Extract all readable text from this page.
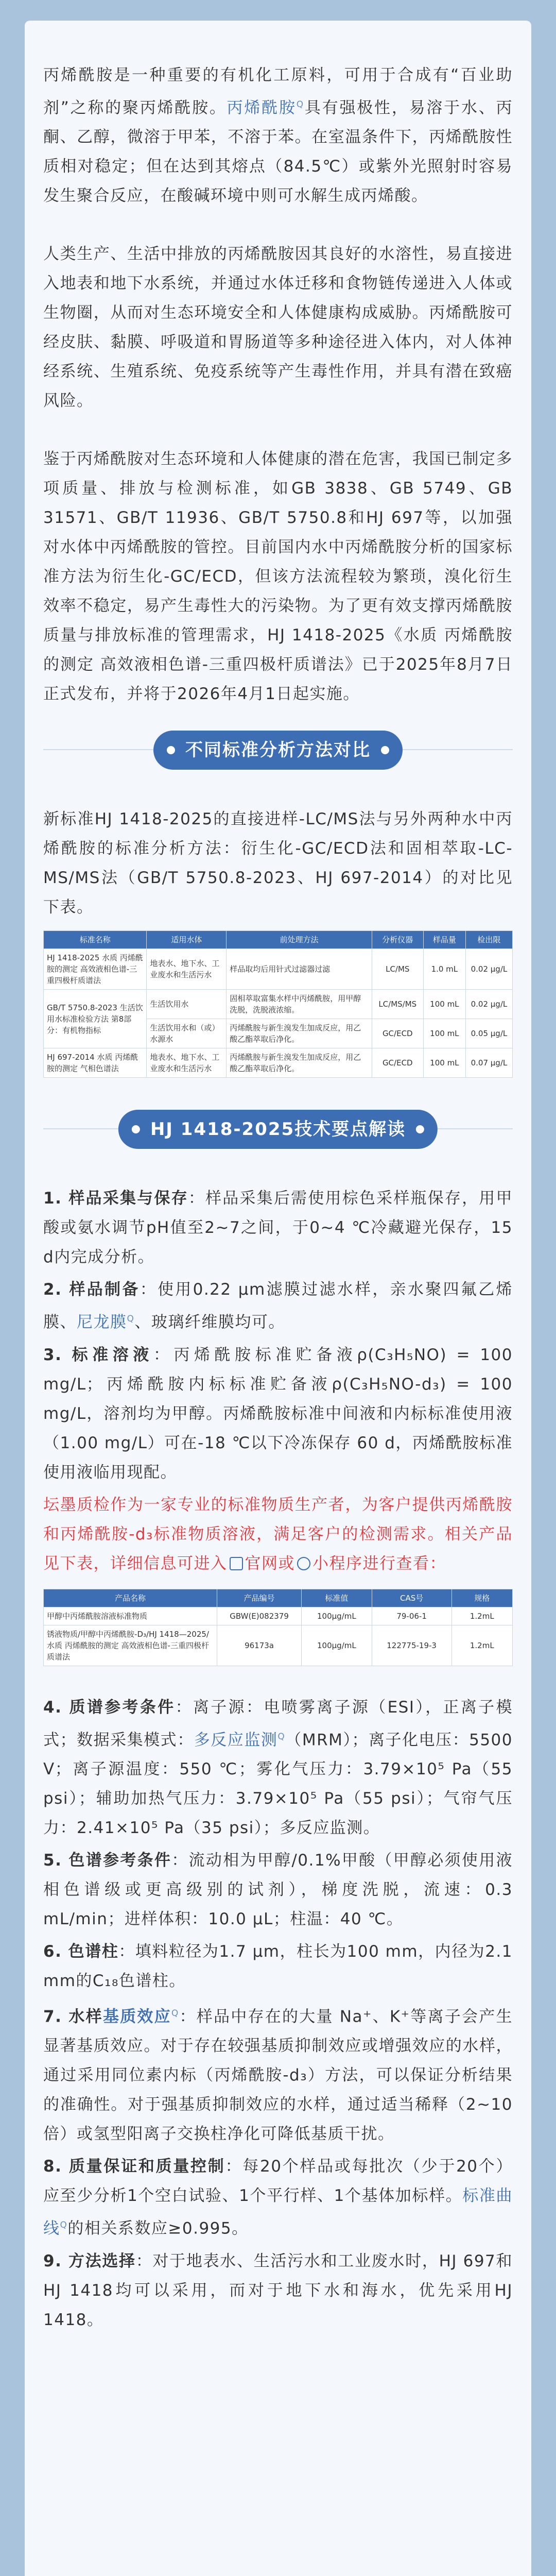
丙烯酰胺是一种重要的有机化工原料，可用于合成有“百业助剂”之称的聚丙烯酰胺。丙烯酰胺$^Q$具有强极性，易溶于水、丙酮、乙醇，微溶于甲苯，不溶于苯。在室温条件下，丙烯酰胺性质相对稳定；但在达到其熔点（84.5℃）或紫外光照射时容易发生聚合反应，在酸碱环境中则可水解生成丙烯酸。

人类生产、生活中排放的丙烯酰胺因其良好的水溶性，易直接进入地表和地下水系统，并通过水体迁移和食物链传递进入人体或生物圈，从而对生态环境安全和人体健康构成威胁。丙烯酰胺可经皮肤、黏膜、呼吸道和胃肠道等多种途径进入体内，对人体神经系统、生殖系统、免疫系统等产生毒性作用，并具有潜在致癌风险。

鉴于丙烯酰胺对生态环境和人体健康的潜在危害，我国已制定多项质量、排放与检测标准，如GB 3838、GB 5749、GB 31571、GB/T 11936、GB/T 5750.8和HJ 697等，以加强对水体中丙烯酰胺的管控。目前国内水中丙烯酰胺分析的国家标准方法为衍生化-GC/ECD，但该方法流程较为繁琐，溴化衍生效率不稳定，易产生毒性大的污染物。为了更有效支撑丙烯酰胺质量与排放标准的管理需求，HJ 1418-2025《水质 丙烯酰胺的测定 高效液相色谱-三重四极杆质谱法》已于2025年8月7日正式发布，并将于2026年4月1日起实施。

不同标准分析方法对比

新标准HJ 1418-2025的直接进样-LC/MS法与另外两种水中丙烯酰胺的标准分析方法：衍生化-GC/ECD法和固相萃取-LC-MS/MS法（GB/T 5750.8-2023、HJ 697-2014）的对比见下表。

标准名称	适用水体	前处理方法	分析仪器	样品量	检出限
HJ 1418-2025 水质 丙烯酰胺的测定 高效液相色谱-三重四极杆质谱法	地表水、地下水、工业废水和生活污水	样品取均后用针式过滤器过滤	LC/MS	1.0 mL	0.02 μg/L
GB/T 5750.8-2023 生活饮用水标准检验方法 第8部分：有机物指标	生活饮用水	固相萃取富集水样中丙烯酰胺，用甲醇洗脱，洗脱液浓缩。	LC/MS/MS	100 mL	0.02 μg/L
	生活饮用水和（或）水源水	丙烯酰胺与新生溴发生加成反应，用乙酸乙酯萃取后净化。	GC/ECD	100 mL	0.05 μg/L
HJ 697-2014 水质 丙烯酰胺的测定 气相色谱法	地表水、地下水、工业废水和生活污水	丙烯酰胺与新生溴发生加成反应，用乙酸乙酯萃取后净化。	GC/ECD	100 mL	0.07 μg/L
HJ 1418-2025技术要点解读

1. 样品采集与保存：样品采集后需使用棕色采样瓶保存，用甲酸或氨水调节pH值至2~7之间，于0~4 ℃冷藏避光保存，15 d内完成分析。

2. 样品制备：使用0.22 μm滤膜过滤水样，亲水聚四氟乙烯膜、尼龙膜$^Q$、玻璃纤维膜均可。

3. 标准溶液：丙烯酰胺标准贮备液ρ(C₃H₅NO) = 100 mg/L；丙烯酰胺内标标准贮备液ρ(C₃H₅NO-d₃) = 100 mg/L，溶剂均为甲醇。丙烯酰胺标准中间液和内标标准使用液（1.00 mg/L）可在-18 ℃以下冷冻保存 60 d，丙烯酰胺标准使用液临用现配。

坛墨质检作为一家专业的标准物质生产者，为客户提供丙烯酰胺和丙烯酰胺-d₃标准物质溶液，满足客户的检测需求。相关产品见下表，详细信息可进入 官网或 小程序进行查看：

产品名称	产品编号	标准值	CAS号	规格
甲醇中丙烯酰胺溶液标准物质	GBW(E)082379	100μg/mL	79-06-1	1.2mL
锈液物质/甲醇中丙烯酰胺-D₃/HJ 1418—2025/水质 丙烯酰胺的测定 高效液相色谱-三重四极杆质谱法	96173a	100μg/mL	122775-19-3	1.2mL

4. 质谱参考条件：离子源：电喷雾离子源（ESI），正离子模式；数据采集模式：多反应监测$^Q$（MRM）；离子化电压：5500 V；离子源温度：550 ℃；雾化气压力：3.79×10⁵ Pa（55 psi）；辅助加热气压力：3.79×10⁵ Pa（55 psi）；气帘气压力：2.41×10⁵ Pa（35 psi）；多反应监测。

5. 色谱参考条件：流动相为甲醇/0.1%甲酸（甲醇必须使用液相色谱级或更高级别的试剂），梯度洗脱，流速：0.3 mL/min；进样体积：10.0 μL；柱温：40 ℃。

6. 色谱柱：填料粒径为1.7 μm，柱长为100 mm，内径为2.1 mm的C₁₈色谱柱。

7. 水样基质效应$^Q$：样品中存在的大量 Na⁺、K⁺等离子会产生显著基质效应。对于存在较强基质抑制效应或增强效应的水样，通过采用同位素内标（丙烯酰胺-d₃）方法，可以保证分析结果的准确性。对于强基质抑制效应的水样，通过适当稀释（2~10 倍）或氢型阳离子交换柱净化可降低基质干扰。

8. 质量保证和质量控制：每20个样品或每批次（少于20个）应至少分析1个空白试验、1个平行样、1个基体加标样。标准曲线$^Q$的相关系数应≥0.995。

9. 方法选择：对于地表水、生活污水和工业废水时，HJ 697和HJ 1418均可以采用，而对于地下水和海水，优先采用HJ 1418。
